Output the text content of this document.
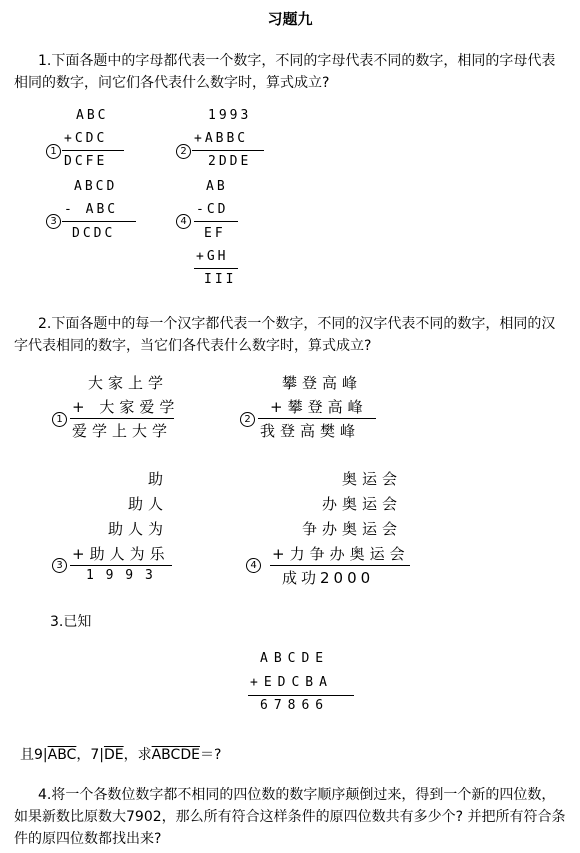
习题九
1.下面各题中的字母都代表一个数字，不同的字母代表不同的数字，相同的字母代表相同的数字，问它们各代表什么数字时，算式成立?
1
ABC
+CDC
DCFE
2
1993
+ABBC
2DDE
3
ABCD
- ABC
DCDC
4
AB
-CD
EF
+GH
III
2.下面各题中的每一个汉字都代表一个数字，不同的汉字代表不同的数字，相同的汉字代表相同的数字，当它们各代表什么数字时，算式成立?
1
大家上学
+ 大家爱学
爱学上大学
2
攀登高峰
+攀登高峰
我登高樊峰
助
助人
助人为
3
+助人为乐
1 9 9 3
奥运会
办奥运会
争办奥运会
4
+力争办奥运会
成功2000
3.已知
ABCDE
+EDCBA
67866
且$9|\overline{ABC}$，$7|\overline{DE}$，求ABCDE＝?
4.将一个各数位数字都不相同的四位数的数字顺序颠倒过来，得到一个新的四位数，如果新数比原数大7902，那么所有符合这样条件的原四位数共有多少个? 并把所有符合条件的原四位数都找出来?
